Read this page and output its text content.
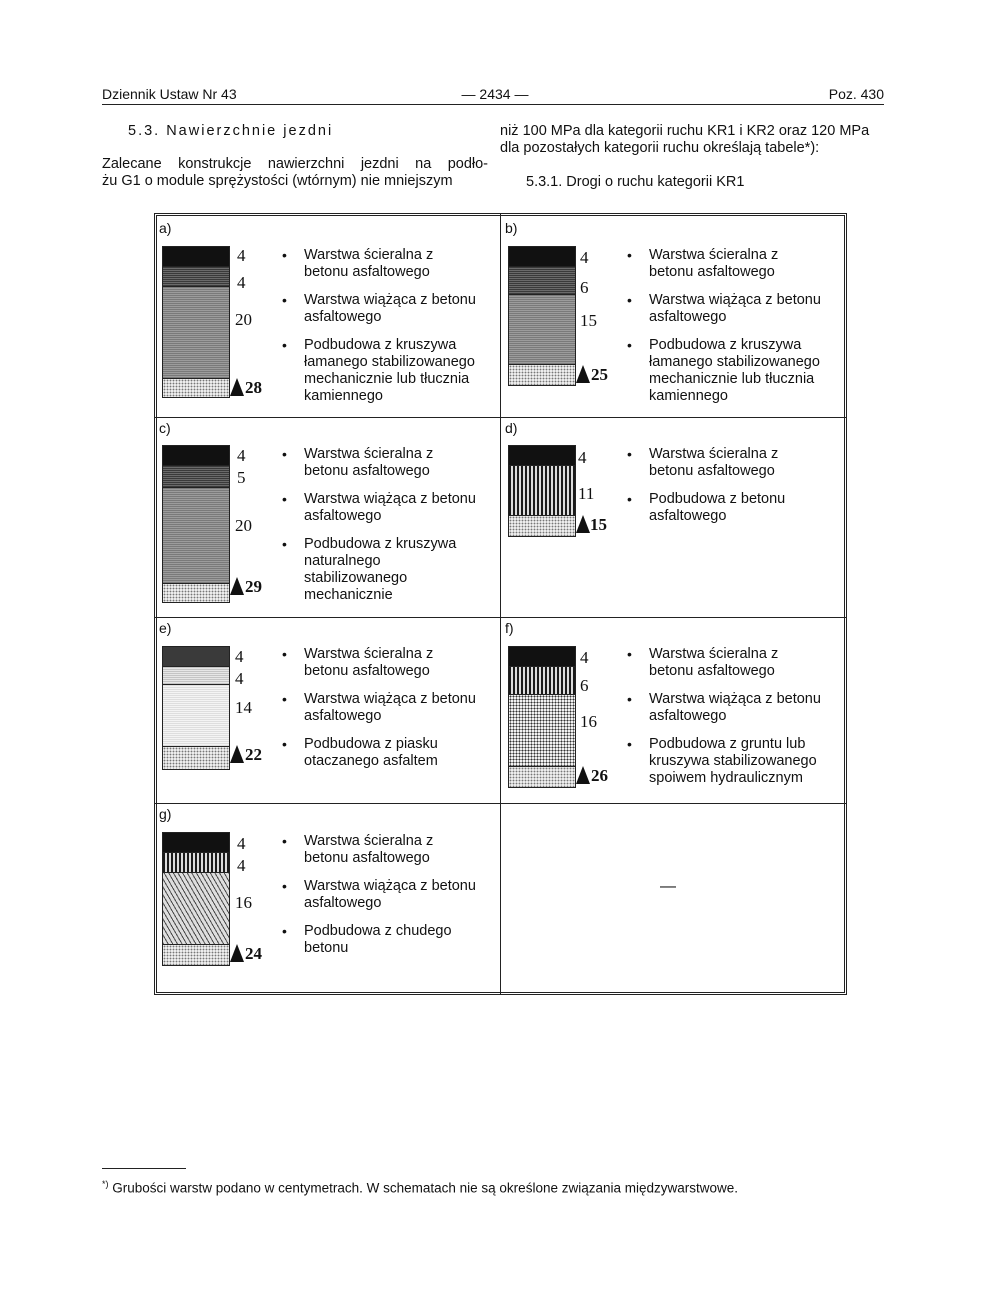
Dziennik Ustaw Nr 43	— 2434 —	Poz. 430
5.3. Nawierzchnie jezdni
Zalecane konstrukcje nawierzchni jezdni na podło-
żu G1 o module sprężystości (wtórnym) nie mniejszym
niż 100 MPa dla kategorii ruchu KR1 i KR2 oraz 120 MPa
dla pozostałych kategorii ruchu określają tabele*):
5.3.1. Drogi o ruchu kategorii KR1
a)
4
4
20
28
• Warstwa ścieralna z betonu asfaltowego
• Warstwa wiążąca z betonu asfaltowego
• Podbudowa z kruszywa łamanego stabilizowanego mechanicznie lub tłucznia kamiennego
b)
4
6
15
25
• Warstwa ścieralna z betonu asfaltowego
• Warstwa wiążąca z betonu asfaltowego
• Podbudowa z kruszywa łamanego stabilizowanego mechanicznie lub tłucznia kamiennego
c)
4
5
20
29
• Warstwa ścieralna z betonu asfaltowego
• Warstwa wiążąca z betonu asfaltowego
• Podbudowa z kruszywa naturalnego stabilizowanego mechanicznie
d)
4
11
15
• Warstwa ścieralna z betonu asfaltowego
• Podbudowa z betonu asfaltowego
e)
4
4
14
22
• Warstwa ścieralna z betonu asfaltowego
• Warstwa wiążąca z betonu asfaltowego
• Podbudowa z piasku otaczanego asfaltem
f)
4
6
16
26
• Warstwa ścieralna z betonu asfaltowego
• Warstwa wiążąca z betonu asfaltowego
• Podbudowa z gruntu lub kruszywa stabilizowanego spoiwem hydraulicznym
g)
4
4
16
24
• Warstwa ścieralna z betonu asfaltowego
• Warstwa wiążąca z betonu asfaltowego
• Podbudowa z chudego betonu
—
*) Grubości warstw podano w centymetrach. W schematach nie są określone związania międzywarstwowe.
